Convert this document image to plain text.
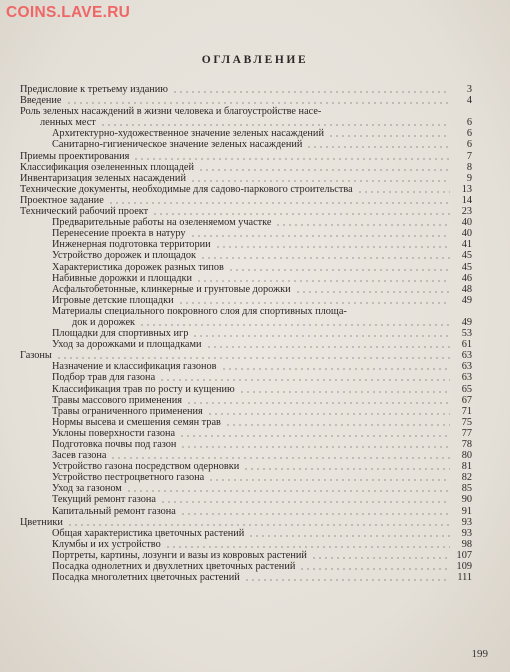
COINS.LAVE.RU
ОГЛАВЛЕНИЕ
Предисловие к третьему изданию	3
Введение	4
Роль зеленых насаждений в жизни человека и благоустройстве насе-
ленных мест	6
Архитектурно-художественное значение зеленых насаждений	6
Санитарно-гигиеническое значение зеленых насаждений	6
Приемы проектирования	7
Классификация озелененных площадей	8
Инвентаризация зеленых насаждений	9
Технические документы, необходимые для садово-паркового строительства	13
Проектное задание	14
Технический рабочий проект	23
Предварительные работы на озеленяемом участке	40
Перенесение проекта в натуру	40
Инженерная подготовка территории	41
Устройство дорожек и площадок	45
Характеристика дорожек разных типов	45
Набивные дорожки и площадки	46
Асфальтобетонные, клинкерные и грунтовые дорожки	48
Игровые детские площадки	49
Материалы специального покровного слоя для спортивных площа-
док и дорожек	49
Площадки для спортивных игр	53
Уход за дорожками и площадками	61
Газоны	63
Назначение и классификация газонов	63
Подбор трав для газона	63
Классификация трав по росту и кущению	65
Травы массового применения	67
Травы ограниченного применения	71
Нормы высева и смешения семян трав	75
Уклоны поверхности газона	77
Подготовка почвы под газон	78
Засев газона	80
Устройство газона посредством одерновки	81
Устройство пестроцветного газона	82
Уход за газоном	85
Текущий ремонт газона	90
Капитальный ремонт газона	91
Цветники	93
Общая характеристика цветочных растений	93
Клумбы и их устройство	98
Портреты, картины, лозунги и вазы из ковровых растений	107
Посадка однолетних и двухлетних цветочных растений	109
Посадка многолетних цветочных растений	111
199
